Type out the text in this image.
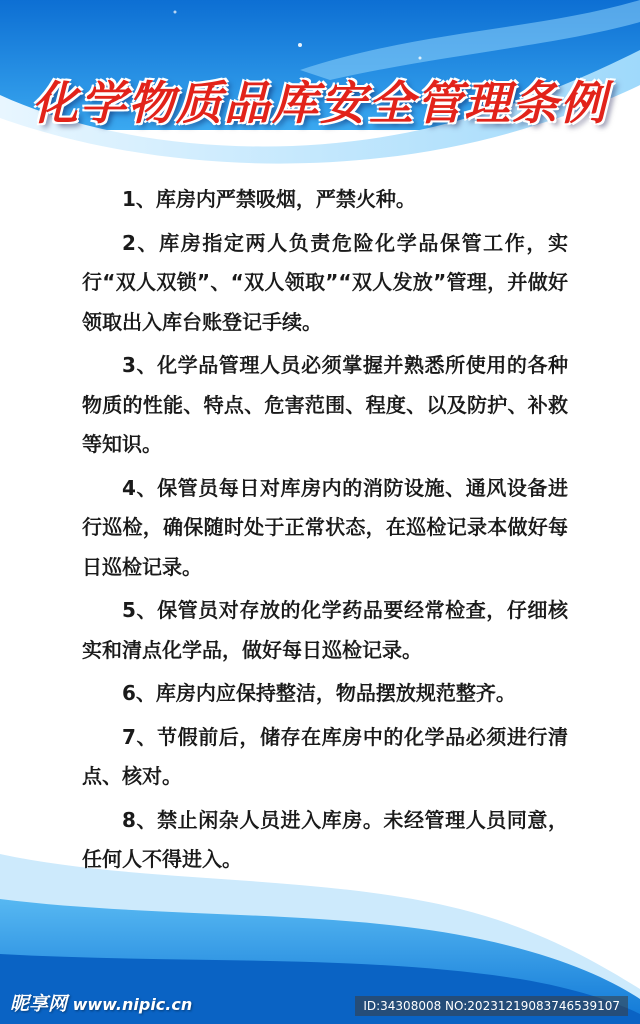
化学物质品库安全管理条例

1、库房内严禁吸烟，严禁火种。

2、库房指定两人负责危险化学品保管工作，实行“双人双锁”、“双人领取”“双人发放”管理，并做好领取出入库台账登记手续。

3、化学品管理人员必须掌握并熟悉所使用的各种物质的性能、特点、危害范围、程度、以及防护、补救等知识。

4、保管员每日对库房内的消防设施、通风设备进行巡检，确保随时处于正常状态，在巡检记录本做好每日巡检记录。

5、保管员对存放的化学药品要经常检查，仔细核实和清点化学品，做好每日巡检记录。

6、库房内应保持整洁，物品摆放规范整齐。

7、节假前后，储存在库房中的化学品必须进行清点、核对。

8、禁止闲杂人员进入库房。未经管理人员同意，任何人不得进入。

昵享网 www.nipic.cn	ID:34308008 NO:20231219083746539107
